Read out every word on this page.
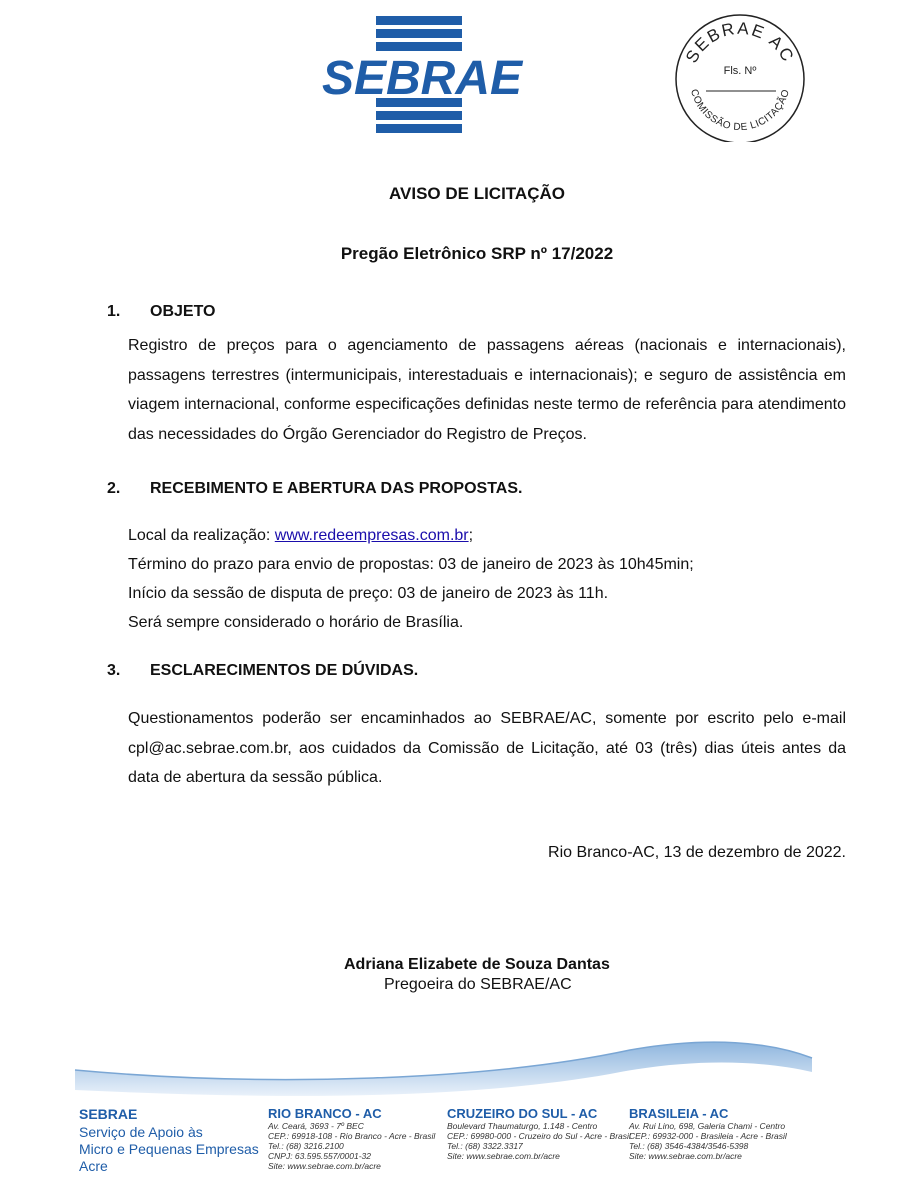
SEBRAE	SEBRAE AC
Fls. Nº
COMISSÃO DE LICITAÇÃO
AVISO DE LICITAÇÃO
Pregão Eletrônico SRP nº 17/2022
1. OBJETO
Registro de preços para o agenciamento de passagens aéreas (nacionais e internacionais), passagens terrestres (intermunicipais, interestaduais e internacionais); e seguro de assistência em viagem internacional, conforme especificações definidas neste termo de referência para atendimento das necessidades do Órgão Gerenciador do Registro de Preços.
2. RECEBIMENTO E ABERTURA DAS PROPOSTAS.
Local da realização: www.redeempresas.com.br;
Término do prazo para envio de propostas: 03 de janeiro de 2023 às 10h45min;
Início da sessão de disputa de preço: 03 de janeiro de 2023 às 11h.
Será sempre considerado o horário de Brasília.
3. ESCLARECIMENTOS DE DÚVIDAS.
Questionamentos poderão ser encaminhados ao SEBRAE/AC, somente por escrito pelo e-mail cpl@ac.sebrae.com.br, aos cuidados da Comissão de Licitação, até 03 (três) dias úteis antes da data de abertura da sessão pública.
Rio Branco-AC, 13 de dezembro de 2022.
Adriana Elizabete de Souza Dantas
Pregoeira do SEBRAE/AC
SEBRAE
Serviço de Apoio às
Micro e Pequenas Empresas
Acre
RIO BRANCO - AC
Av. Ceará, 3693 - 7º BEC
CEP.: 69918-108 - Rio Branco - Acre - Brasil
Tel.: (68) 3216.2100
CNPJ: 63.595.557/0001-32
Site: www.sebrae.com.br/acre
CRUZEIRO DO SUL - AC
Boulevard Thaumaturgo, 1.148 - Centro
CEP.: 69980-000 - Cruzeiro do Sul - Acre - Brasil
Tel.: (68) 3322.3317
Site: www.sebrae.com.br/acre
BRASILEIA - AC
Av. Rui Lino, 698, Galeria Chami - Centro
CEP.: 69932-000 - Brasileia - Acre - Brasil
Tel.: (68) 3546-4384/3546-5398
Site: www.sebrae.com.br/acre
